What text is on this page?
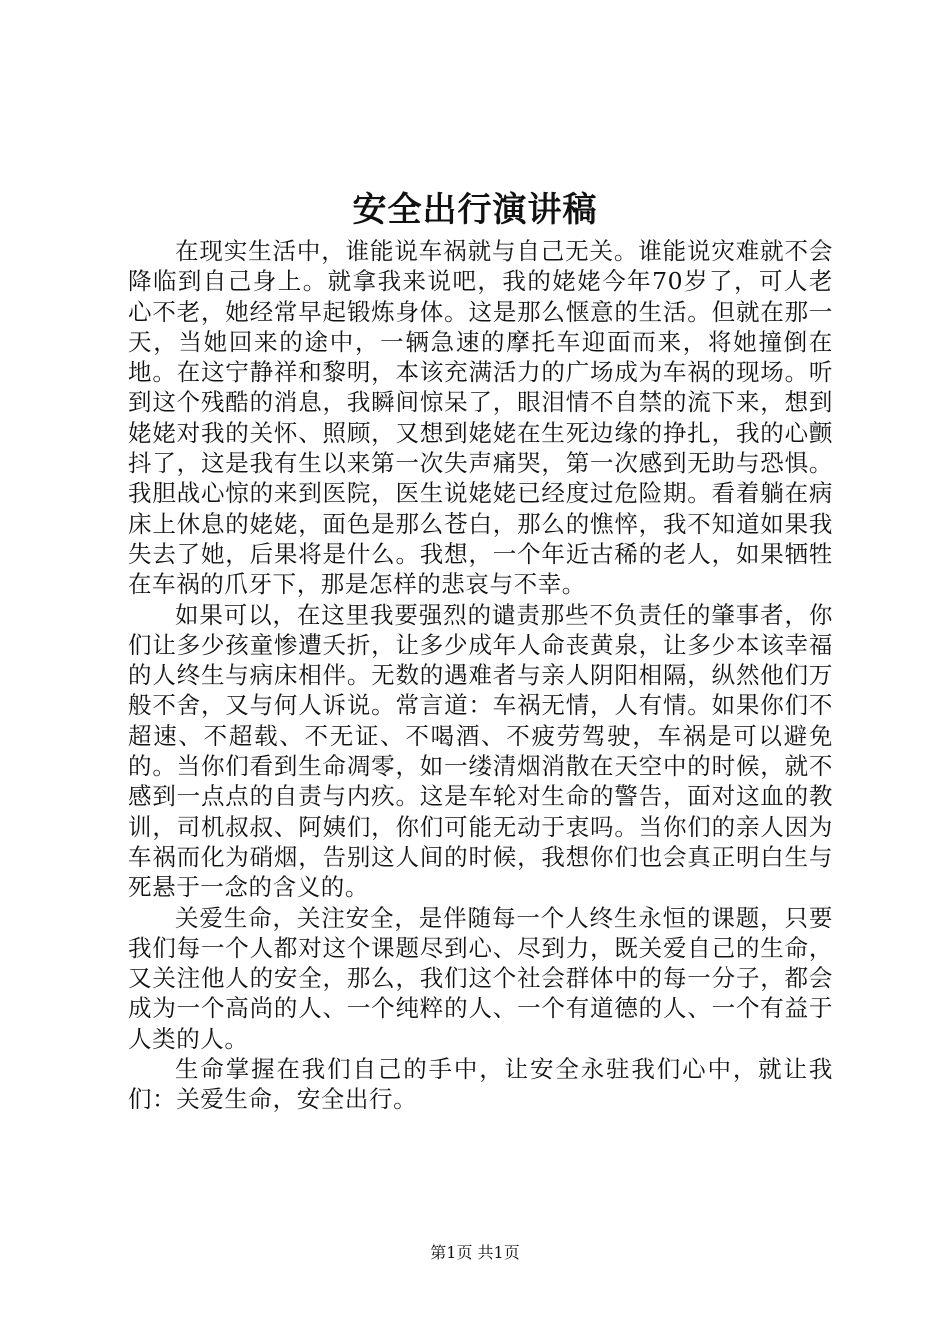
安全出行演讲稿

在现实生活中，谁能说车祸就与自己无关。谁能说灾难就不会降临到自己身上。就拿我来说吧，我的姥姥今年70岁了，可人老心不老，她经常早起锻炼身体。这是那么惬意的生活。但就在那一天，当她回来的途中，一辆急速的摩托车迎面而来，将她撞倒在地。在这宁静祥和黎明，本该充满活力的广场成为车祸的现场。听到这个残酷的消息，我瞬间惊呆了，眼泪情不自禁的流下来，想到姥姥对我的关怀、照顾，又想到姥姥在生死边缘的挣扎，我的心颤抖了，这是我有生以来第一次失声痛哭，第一次感到无助与恐惧。我胆战心惊的来到医院，医生说姥姥已经度过危险期。看着躺在病床上休息的姥姥，面色是那么苍白，那么的憔悴，我不知道如果我失去了她，后果将是什么。我想，一个年近古稀的老人，如果牺牲在车祸的爪牙下，那是怎样的悲哀与不幸。

如果可以，在这里我要强烈的谴责那些不负责任的肇事者，你们让多少孩童惨遭夭折，让多少成年人命丧黄泉，让多少本该幸福的人终生与病床相伴。无数的遇难者与亲人阴阳相隔，纵然他们万般不舍，又与何人诉说。常言道：车祸无情，人有情。如果你们不超速、不超载、不无证、不喝酒、不疲劳驾驶，车祸是可以避免的。当你们看到生命凋零，如一缕清烟消散在天空中的时候，就不感到一点点的自责与内疚。这是车轮对生命的警告，面对这血的教训，司机叔叔、阿姨们，你们可能无动于衷吗。当你们的亲人因为车祸而化为硝烟，告别这人间的时候，我想你们也会真正明白生与死悬于一念的含义的。

关爱生命，关注安全，是伴随每一个人终生永恒的课题，只要我们每一个人都对这个课题尽到心、尽到力，既关爱自己的生命，又关注他人的安全，那么，我们这个社会群体中的每一分子，都会成为一个高尚的人、一个纯粹的人、一个有道德的人、一个有益于人类的人。

生命掌握在我们自己的手中，让安全永驻我们心中，就让我们：关爱生命，安全出行。

第1页 共1页
